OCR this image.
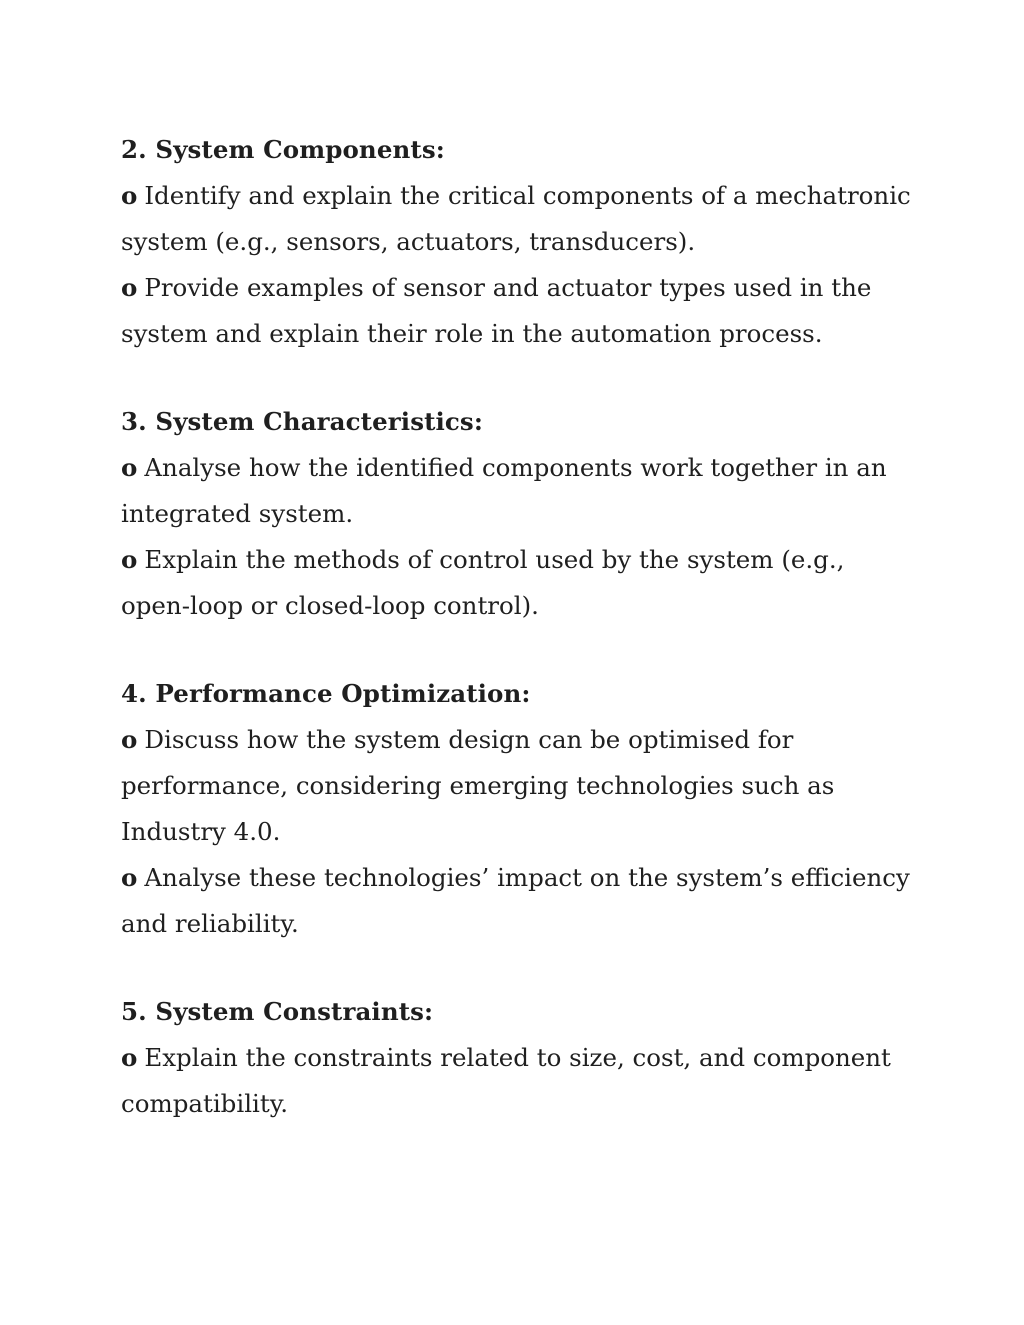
2. System Components:

o Identify and explain the critical components of a mechatronic system (e.g., sensors, actuators, transducers).

o Provide examples of sensor and actuator types used in the system and explain their role in the automation process.

3. System Characteristics:

o Analyse how the identified components work together in an integrated system.

o Explain the methods of control used by the system (e.g., open-loop or closed-loop control).

4. Performance Optimization:

o Discuss how the system design can be optimised for performance, considering emerging technologies such as Industry 4.0.

o Analyse these technologies’ impact on the system’s efficiency and reliability.

5. System Constraints:

o Explain the constraints related to size, cost, and component compatibility.
